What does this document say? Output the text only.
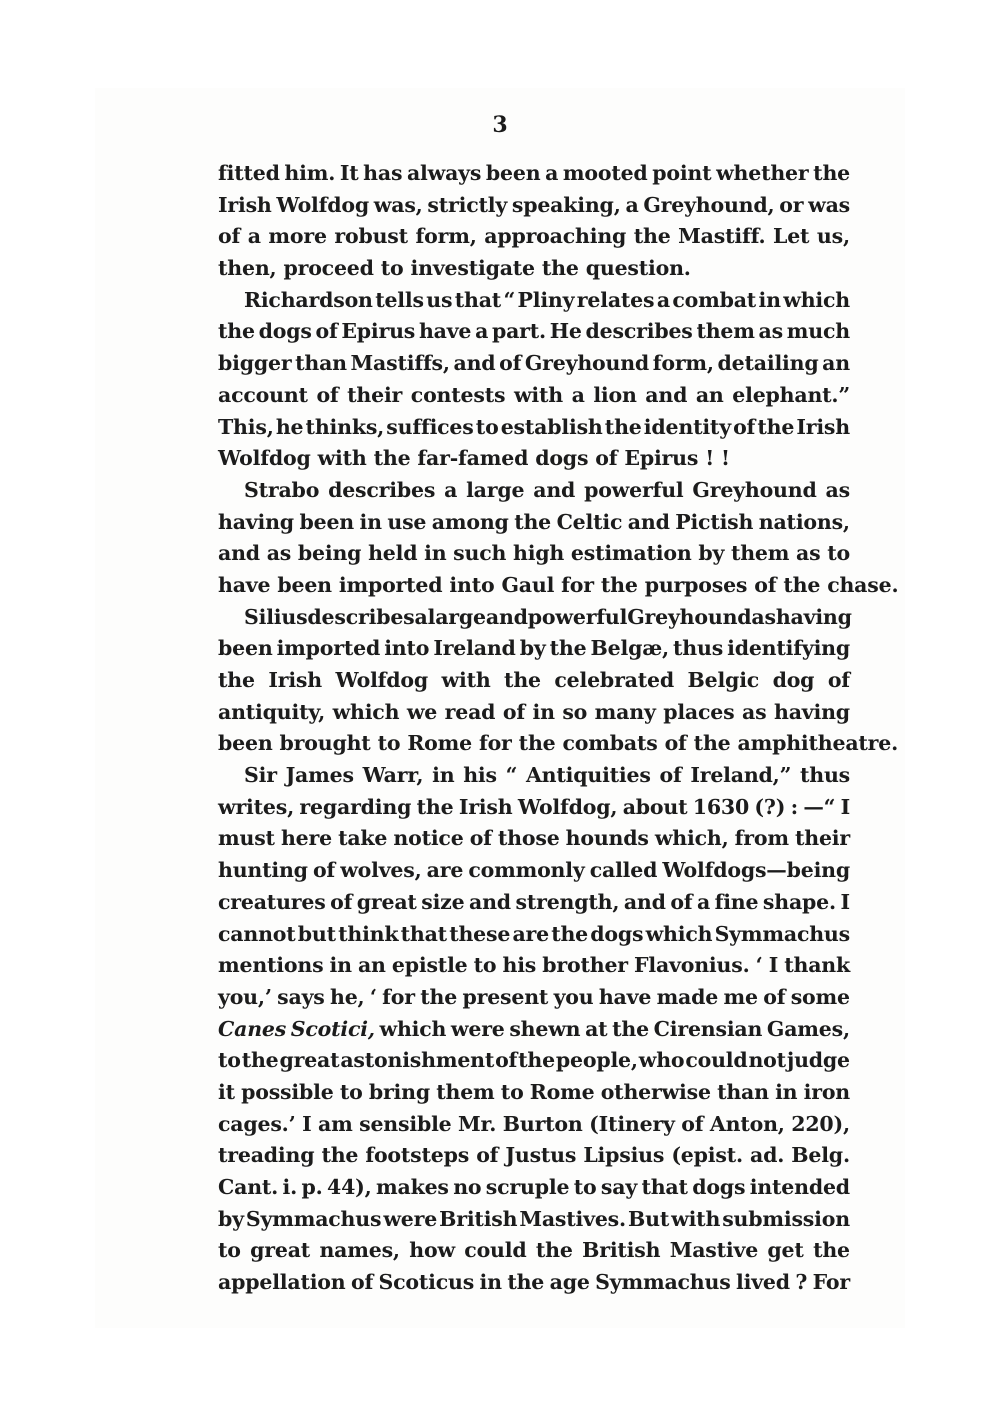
3
fitted him. It has always been a mooted point whether the
Irish Wolfdog was, strictly speaking, a Greyhound, or was
of a more robust form, approaching the Mastiff. Let us,
then, proceed to investigate the question.
Richardson tells us that “ Pliny relates a combat in which
the dogs of Epirus have a part. He describes them as much
bigger than Mastiffs, and of Greyhound form, detailing an
account of their contests with a lion and an elephant.”
This, he thinks, suffices to establish the identity of the Irish
Wolfdog with the far-famed dogs of Epirus ! !
Strabo describes a large and powerful Greyhound as
having been in use among the Celtic and Pictish nations,
and as being held in such high estimation by them as to
have been imported into Gaul for the purposes of the chase.
Silius describes a large and powerful Greyhound as having
been imported into Ireland by the Belgæ, thus identifying
the Irish Wolfdog with the celebrated Belgic dog of
antiquity, which we read of in so many places as having
been brought to Rome for the combats of the amphitheatre.
Sir James Warr, in his “ Antiquities of Ireland,” thus
writes, regarding the Irish Wolfdog, about 1630 (?) : —“ I
must here take notice of those hounds which, from their
hunting of wolves, are commonly called Wolfdogs—being
creatures of great size and strength, and of a fine shape. I
cannot but think that these are the dogs which Symmachus
mentions in an epistle to his brother Flavonius. ‘ I thank
you,’ says he, ‘ for the present you have made me of some
Canes Scotici, which were shewn at the Cirensian Games,
to the great astonishment of the people, who could not judge
it possible to bring them to Rome otherwise than in iron
cages.’ I am sensible Mr. Burton (Itinery of Anton, 220),
treading the footsteps of Justus Lipsius (epist. ad. Belg.
Cant. i. p. 44), makes no scruple to say that dogs intended
by Symmachus were British Mastives. But with submission
to great names, how could the British Mastive get the
appellation of Scoticus in the age Symmachus lived ? For
